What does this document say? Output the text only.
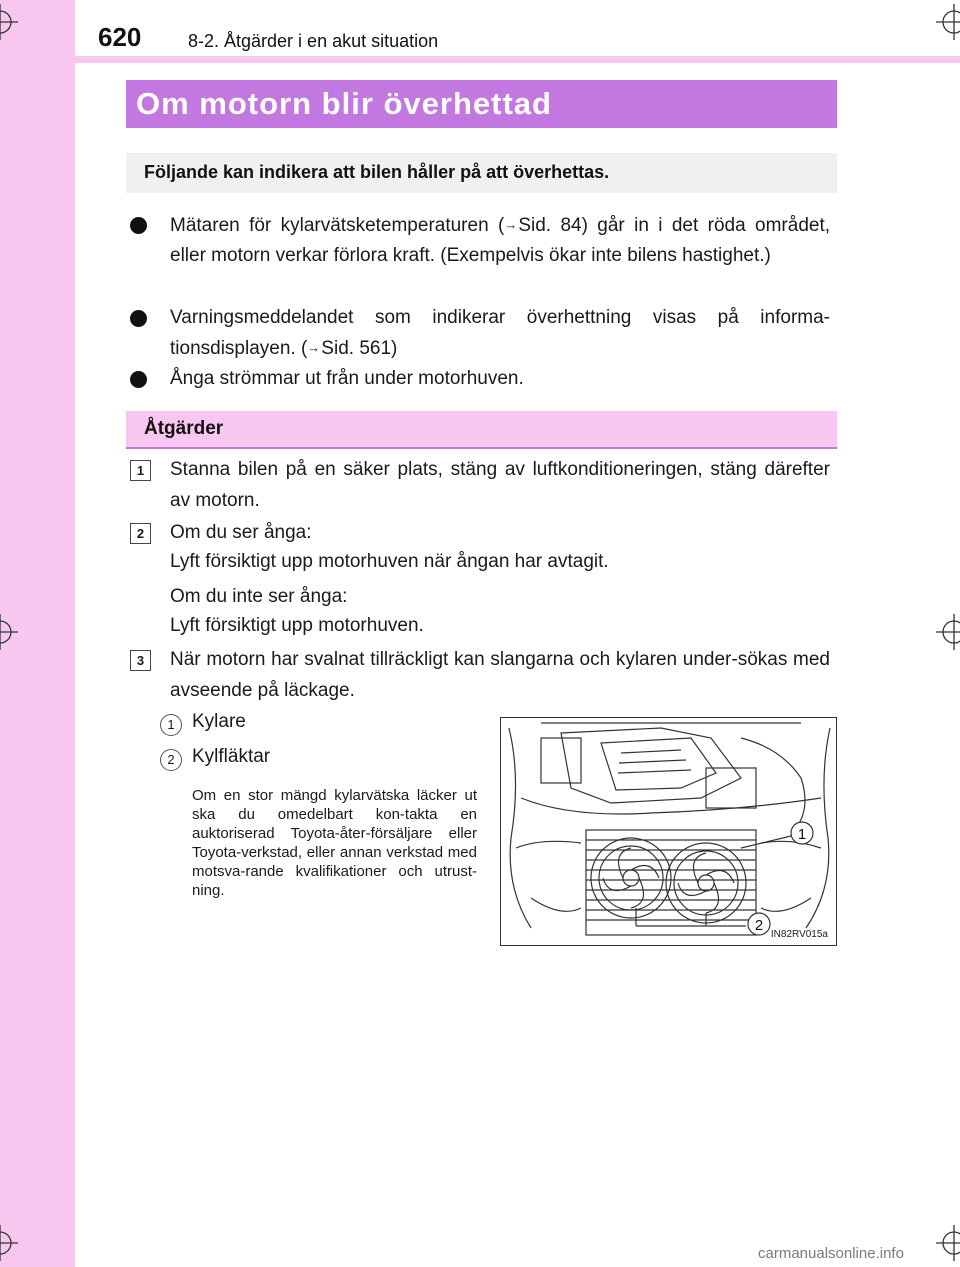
620	8-2. Åtgärder i en akut situation
Om motorn blir överhettad
Följande kan indikera att bilen håller på att överhettas.
Mätaren för kylarvätsketemperaturen (→Sid. 84) går in i det röda området, eller motorn verkar förlora kraft. (Exempelvis ökar inte bilens hastighet.)
Varningsmeddelandet som indikerar överhettning visas på informa-tionsdisplayen. (→Sid. 561)
Ånga strömmar ut från under motorhuven.
Åtgärder
1	Stanna bilen på en säker plats, stäng av luftkonditioneringen, stäng därefter av motorn.
2	Om du ser ånga:
Lyft försiktigt upp motorhuven när ångan har avtagit.
Om du inte ser ånga:
Lyft försiktigt upp motorhuven.
3	När motorn har svalnat tillräckligt kan slangarna och kylaren under-sökas med avseende på läckage.
1 Kylare
2 Kylfläktar
Om en stor mängd kylarvätska läcker ut ska du omedelbart kon-takta en auktoriserad Toyota-åter-försäljare eller Toyota-verkstad, eller annan verkstad med motsva-rande kvalifikationer och utrust-ning.
1
2
IN82RV015a
carmanualsonline.info
